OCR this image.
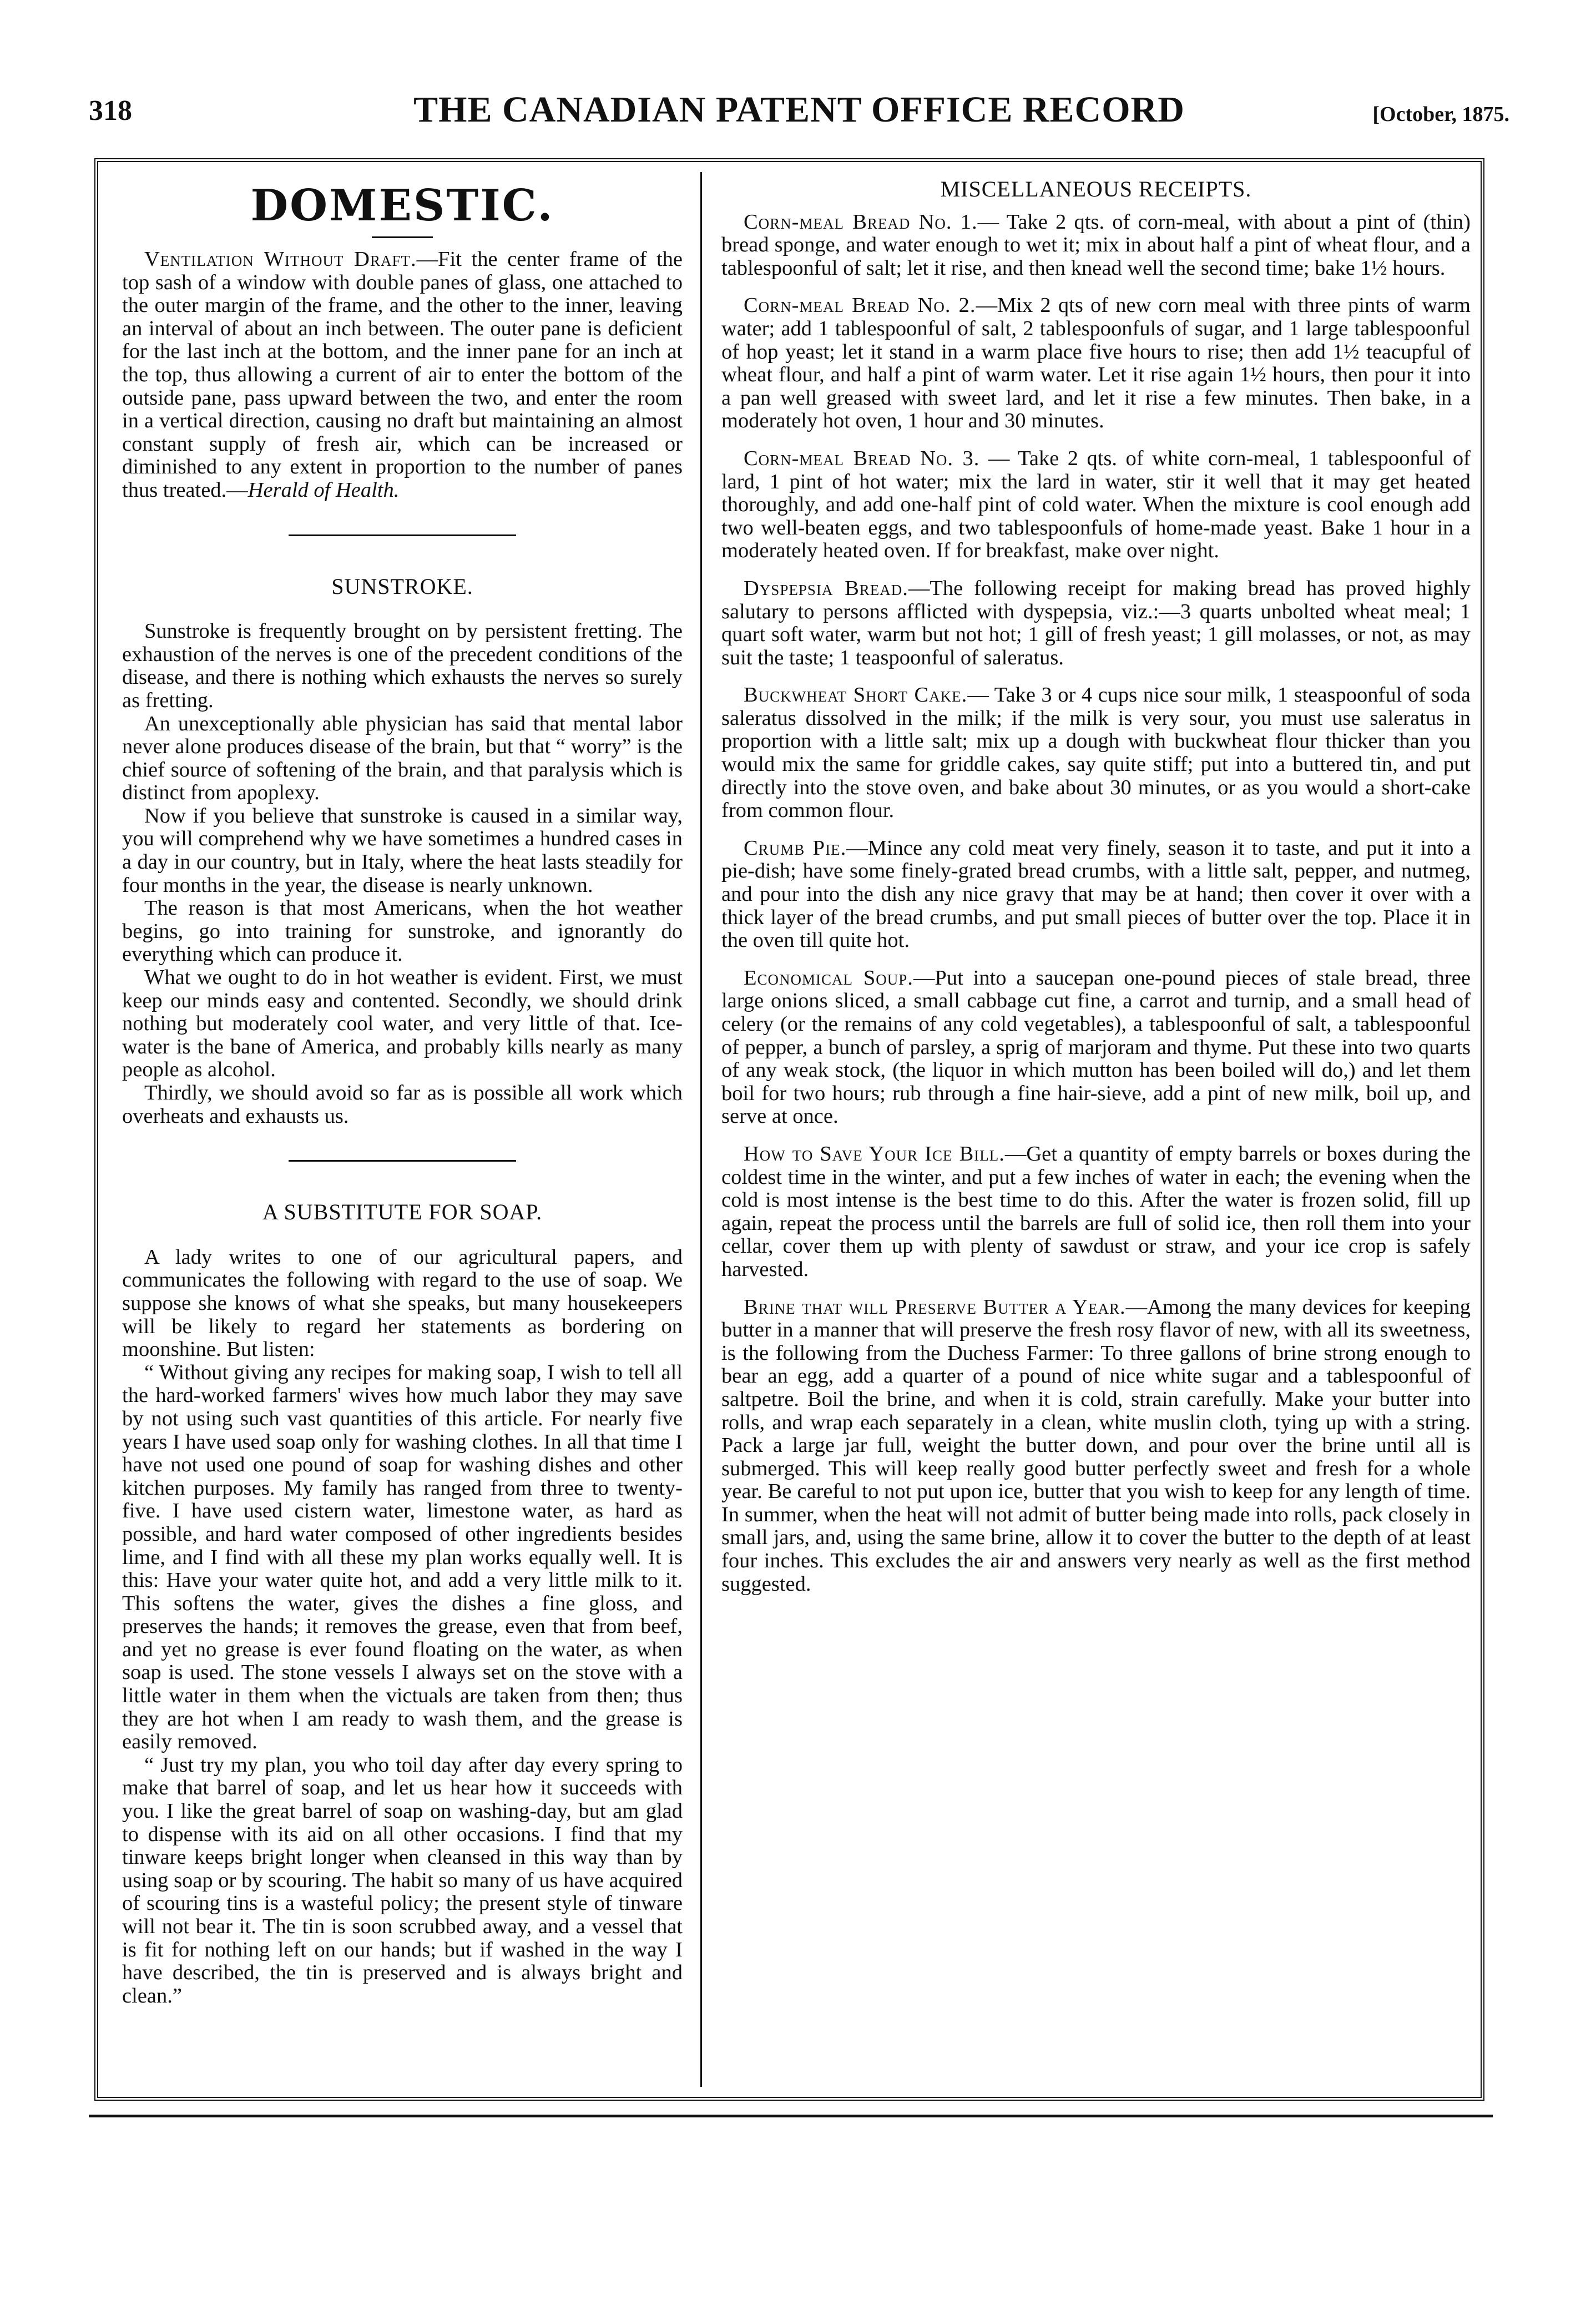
318	THE CANADIAN PATENT OFFICE RECORD	[October, 1875.
DOMESTIC.

Ventilation Without Draft.—Fit the center frame of the top sash of a window with double panes of glass, one attached to the outer margin of the frame, and the other to the inner, leaving an interval of about an inch between. The outer pane is deficient for the last inch at the bottom, and the inner pane for an inch at the top, thus allowing a current of air to enter the bottom of the outside pane, pass upward between the two, and enter the room in a vertical direction, causing no draft but maintaining an almost constant supply of fresh air, which can be increased or diminished to any extent in proportion to the number of panes thus treated.—Herald of Health.

SUNSTROKE.

Sunstroke is frequently brought on by persistent fretting. The exhaustion of the nerves is one of the precedent conditions of the disease, and there is nothing which exhausts the nerves so surely as fretting.

An unexceptionally able physician has said that mental labor never alone produces disease of the brain, but that “ worry” is the chief source of softening of the brain, and that paralysis which is distinct from apoplexy.

Now if you believe that sunstroke is caused in a similar way, you will comprehend why we have sometimes a hundred cases in a day in our country, but in Italy, where the heat lasts steadily for four months in the year, the disease is nearly unknown.

The reason is that most Americans, when the hot weather begins, go into training for sunstroke, and ignorantly do everything which can produce it.

What we ought to do in hot weather is evident. First, we must keep our minds easy and contented. Secondly, we should drink nothing but moderately cool water, and very little of that. Ice-water is the bane of America, and probably kills nearly as many people as alcohol.

Thirdly, we should avoid so far as is possible all work which overheats and exhausts us.

A SUBSTITUTE FOR SOAP.

A lady writes to one of our agricultural papers, and communicates the following with regard to the use of soap. We suppose she knows of what she speaks, but many housekeepers will be likely to regard her statements as bordering on moonshine. But listen:

“ Without giving any recipes for making soap, I wish to tell all the hard-worked farmers' wives how much labor they may save by not using such vast quantities of this article. For nearly five years I have used soap only for washing clothes. In all that time I have not used one pound of soap for washing dishes and other kitchen purposes. My family has ranged from three to twenty-five. I have used cistern water, limestone water, as hard as possible, and hard water composed of other ingredients besides lime, and I find with all these my plan works equally well. It is this: Have your water quite hot, and add a very little milk to it. This softens the water, gives the dishes a fine gloss, and preserves the hands; it removes the grease, even that from beef, and yet no grease is ever found floating on the water, as when soap is used. The stone vessels I always set on the stove with a little water in them when the victuals are taken from then; thus they are hot when I am ready to wash them, and the grease is easily removed.

“ Just try my plan, you who toil day after day every spring to make that barrel of soap, and let us hear how it succeeds with you. I like the great barrel of soap on washing-day, but am glad to dispense with its aid on all other occasions. I find that my tinware keeps bright longer when cleansed in this way than by using soap or by scouring. The habit so many of us have acquired of scouring tins is a wasteful policy; the present style of tinware will not bear it. The tin is soon scrubbed away, and a vessel that is fit for nothing left on our hands; but if washed in the way I have described, the tin is preserved and is always bright and clean.”

MISCELLANEOUS RECEIPTS.

Corn-meal Bread No. 1.— Take 2 qts. of corn-meal, with about a pint of (thin) bread sponge, and water enough to wet it; mix in about half a pint of wheat flour, and a tablespoonful of salt; let it rise, and then knead well the second time; bake 1½ hours.

Corn-meal Bread No. 2.—Mix 2 qts of new corn meal with three pints of warm water; add 1 tablespoonful of salt, 2 tablespoonfuls of sugar, and 1 large tablespoonful of hop yeast; let it stand in a warm place five hours to rise; then add 1½ teacupful of wheat flour, and half a pint of warm water. Let it rise again 1½ hours, then pour it into a pan well greased with sweet lard, and let it rise a few minutes. Then bake, in a moderately hot oven, 1 hour and 30 minutes.

Corn-meal Bread No. 3. — Take 2 qts. of white corn-meal, 1 tablespoonful of lard, 1 pint of hot water; mix the lard in water, stir it well that it may get heated thoroughly, and add one-half pint of cold water. When the mixture is cool enough add two well-beaten eggs, and two tablespoonfuls of home-made yeast. Bake 1 hour in a moderately heated oven. If for breakfast, make over night.

Dyspepsia Bread.—The following receipt for making bread has proved highly salutary to persons afflicted with dyspepsia, viz.:—3 quarts unbolted wheat meal; 1 quart soft water, warm but not hot; 1 gill of fresh yeast; 1 gill molasses, or not, as may suit the taste; 1 teaspoonful of saleratus.

Buckwheat Short Cake.— Take 3 or 4 cups nice sour milk, 1 steaspoonful of soda saleratus dissolved in the milk; if the milk is very sour, you must use saleratus in proportion with a little salt; mix up a dough with buckwheat flour thicker than you would mix the same for griddle cakes, say quite stiff; put into a buttered tin, and put directly into the stove oven, and bake about 30 minutes, or as you would a short-cake from common flour.

Crumb Pie.—Mince any cold meat very finely, season it to taste, and put it into a pie-dish; have some finely-grated bread crumbs, with a little salt, pepper, and nutmeg, and pour into the dish any nice gravy that may be at hand; then cover it over with a thick layer of the bread crumbs, and put small pieces of butter over the top. Place it in the oven till quite hot.

Economical Soup.—Put into a saucepan one-pound pieces of stale bread, three large onions sliced, a small cabbage cut fine, a carrot and turnip, and a small head of celery (or the remains of any cold vegetables), a tablespoonful of salt, a tablespoonful of pepper, a bunch of parsley, a sprig of marjoram and thyme. Put these into two quarts of any weak stock, (the liquor in which mutton has been boiled will do,) and let them boil for two hours; rub through a fine hair-sieve, add a pint of new milk, boil up, and serve at once.

How to Save Your Ice Bill.—Get a quantity of empty barrels or boxes during the coldest time in the winter, and put a few inches of water in each; the evening when the cold is most intense is the best time to do this. After the water is frozen solid, fill up again, repeat the process until the barrels are full of solid ice, then roll them into your cellar, cover them up with plenty of sawdust or straw, and your ice crop is safely harvested.

Brine that will Preserve Butter a Year.—Among the many devices for keeping butter in a manner that will preserve the fresh rosy flavor of new, with all its sweetness, is the following from the Duchess Farmer: To three gallons of brine strong enough to bear an egg, add a quarter of a pound of nice white sugar and a tablespoonful of saltpetre. Boil the brine, and when it is cold, strain carefully. Make your butter into rolls, and wrap each separately in a clean, white muslin cloth, tying up with a string. Pack a large jar full, weight the butter down, and pour over the brine until all is submerged. This will keep really good butter perfectly sweet and fresh for a whole year. Be careful to not put upon ice, butter that you wish to keep for any length of time. In summer, when the heat will not admit of butter being made into rolls, pack closely in small jars, and, using the same brine, allow it to cover the butter to the depth of at least four inches. This excludes the air and answers very nearly as well as the first method suggested.
